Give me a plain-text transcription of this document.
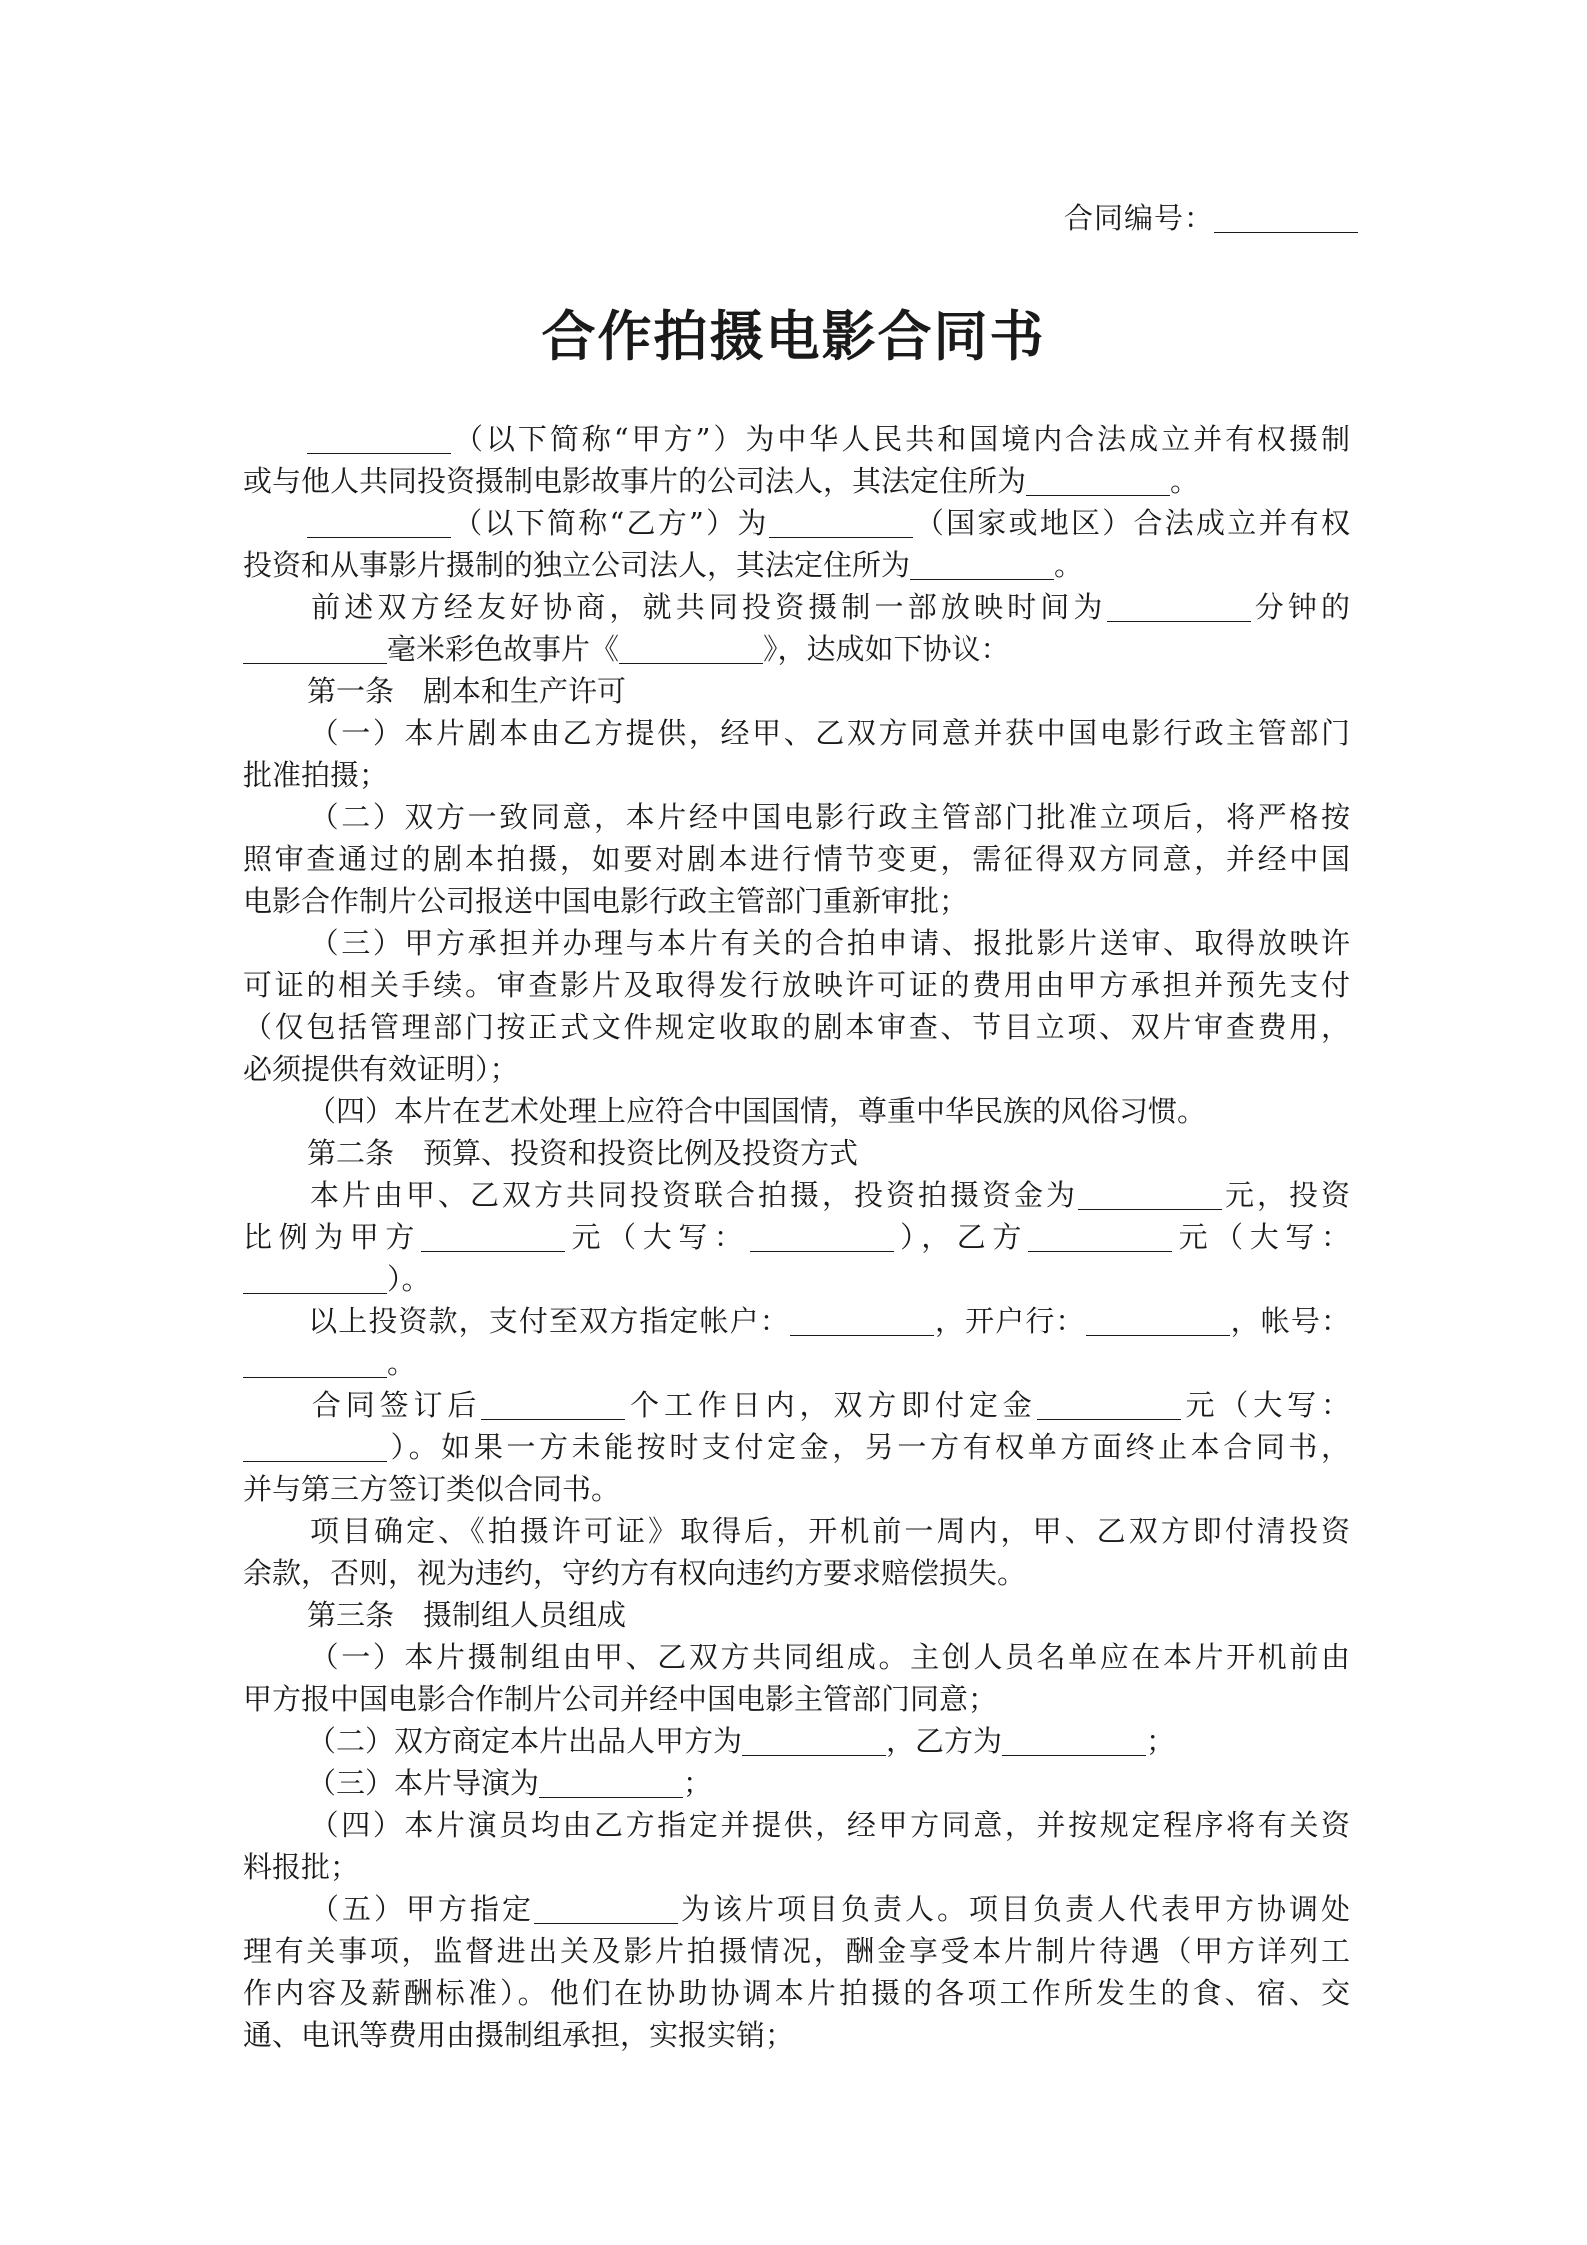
合同编号：
合作拍摄电影合同书

（以下简称“甲方”）为中华人民共和国境内合法成立并有权摄制
或与他人共同投资摄制电影故事片的公司法人，其法定住所为	。

（以下简称“乙方”）为	（国家或地区）合法成立并有权
投资和从事影片摄制的独立公司法人，其法定住所为	。

前述双方经友好协商，就共同投资摄制一部放映时间为	分钟的
毫米彩色故事片《	》，达成如下协议：

第一条　剧本和生产许可

（一）本片剧本由乙方提供，经甲、乙双方同意并获中国电影行政主管部门
批准拍摄；

（二）双方一致同意，本片经中国电影行政主管部门批准立项后，将严格按
照审查通过的剧本拍摄，如要对剧本进行情节变更，需征得双方同意，并经中国
电影合作制片公司报送中国电影行政主管部门重新审批；

（三）甲方承担并办理与本片有关的合拍申请、报批影片送审、取得放映许
可证的相关手续。审查影片及取得发行放映许可证的费用由甲方承担并预先支付
（仅包括管理部门按正式文件规定收取的剧本审查、节目立项、双片审查费用，
必须提供有效证明）；

（四）本片在艺术处理上应符合中国国情，尊重中华民族的风俗习惯。

第二条　预算、投资和投资比例及投资方式

本片由甲、乙双方共同投资联合拍摄，投资拍摄资金为	元，投资
比例为甲方	元（大写：	），乙方	元（大写：
）。

以上投资款，支付至双方指定帐户：	，开户行：	，帐号：
。

合同签订后	个工作日内，双方即付定金	元（大写：
）。如果一方未能按时支付定金，另一方有权单方面终止本合同书，
并与第三方签订类似合同书。

项目确定、《拍摄许可证》取得后，开机前一周内，甲、乙双方即付清投资
余款，否则，视为违约，守约方有权向违约方要求赔偿损失。

第三条　摄制组人员组成

（一）本片摄制组由甲、乙双方共同组成。主创人员名单应在本片开机前由
甲方报中国电影合作制片公司并经中国电影主管部门同意；

（二）双方商定本片出品人甲方为	，乙方为	；

（三）本片导演为	；

（四）本片演员均由乙方指定并提供，经甲方同意，并按规定程序将有关资
料报批；

（五）甲方指定	为该片项目负责人。项目负责人代表甲方协调处
理有关事项，监督进出关及影片拍摄情况，酬金享受本片制片待遇（甲方详列工
作内容及薪酬标准）。他们在协助协调本片拍摄的各项工作所发生的食、宿、交
通、电讯等费用由摄制组承担，实报实销；
